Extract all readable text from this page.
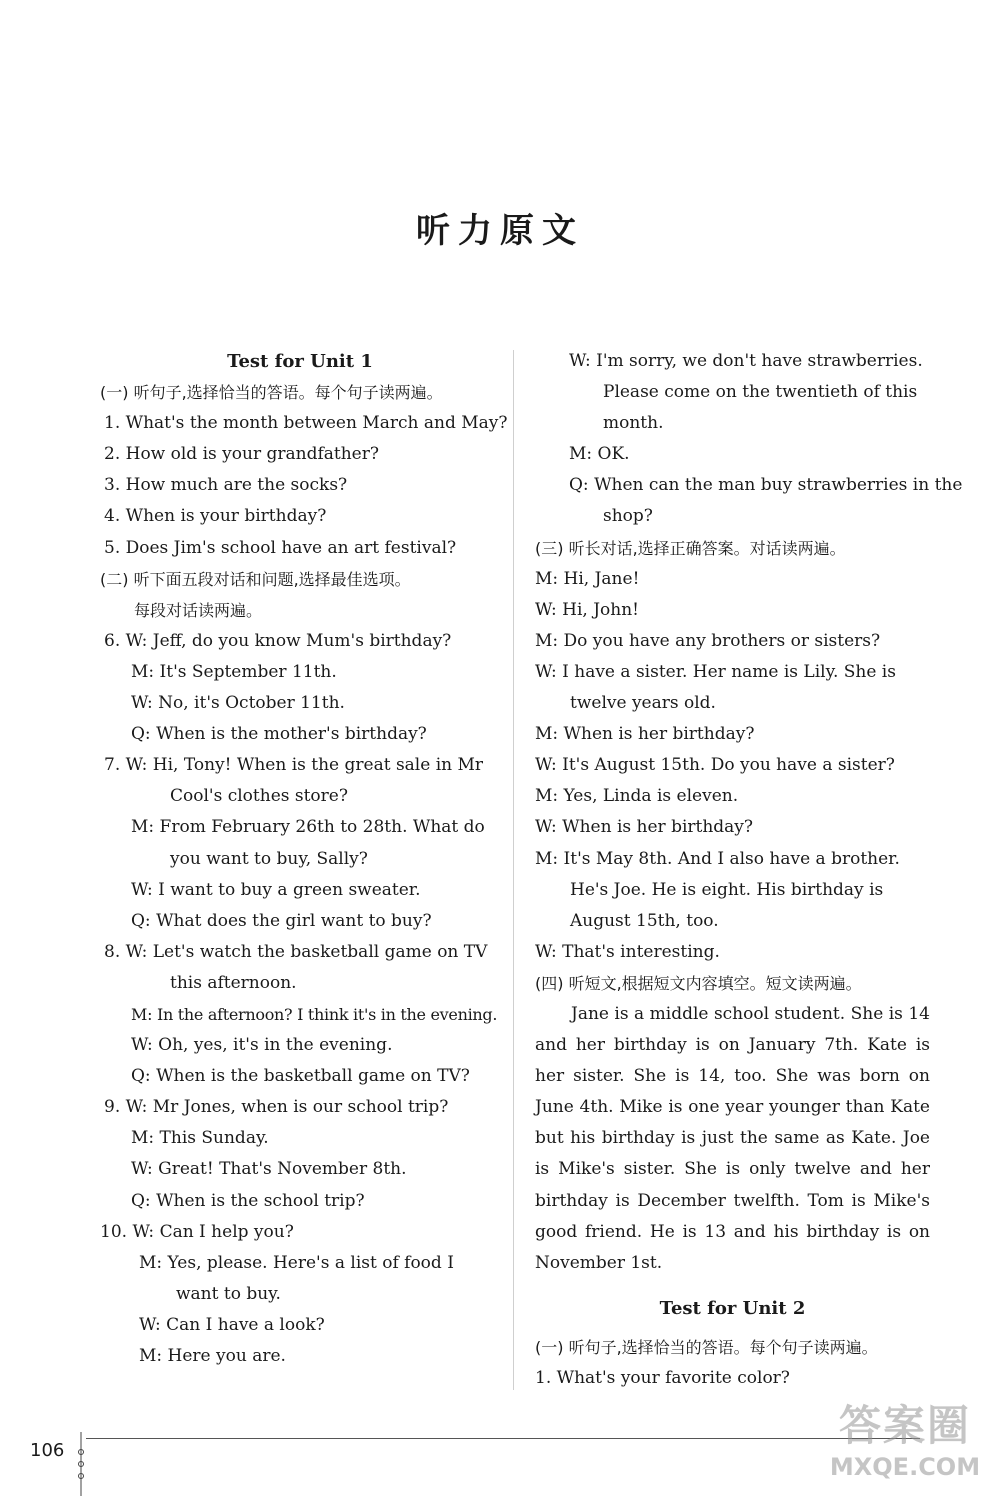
听力原文

Test for Unit 1

(一) 听句子,选择恰当的答语。每个句子读两遍。
1. What's the month between March and May?
2. How old is your grandfather?
3. How much are the socks?
4. When is your birthday?
5. Does Jim's school have an art festival?
(二) 听下面五段对话和问题,选择最佳选项。
每段对话读两遍。
6. W: Jeff, do you know Mum's birthday?
M: It's September 11th.
W: No, it's October 11th.
Q: When is the mother's birthday?
7. W: Hi, Tony! When is the great sale in Mr
Cool's clothes store?
M: From February 26th to 28th. What do
you want to buy, Sally?
W: I want to buy a green sweater.
Q: What does the girl want to buy?
8. W: Let's watch the basketball game on TV
this afternoon.
M: In the afternoon? I think it's in the evening.
W: Oh, yes, it's in the evening.
Q: When is the basketball game on TV?
9. W: Mr Jones, when is our school trip?
M: This Sunday.
W: Great! That's November 8th.
Q: When is the school trip?
10. W: Can I help you?
M: Yes, please. Here's a list of food I
want to buy.
W: Can I have a look?
M: Here you are.
W: I'm sorry, we don't have strawberries.
Please come on the twentieth of this
month.
M: OK.
Q: When can the man buy strawberries in the
shop?
(三) 听长对话,选择正确答案。对话读两遍。
M: Hi, Jane!
W: Hi, John!
M: Do you have any brothers or sisters?
W: I have a sister. Her name is Lily. She is
twelve years old.
M: When is her birthday?
W: It's August 15th. Do you have a sister?
M: Yes, Linda is eleven.
W: When is her birthday?
M: It's May 8th. And I also have a brother.
He's Joe. He is eight. His birthday is
August 15th, too.
W: That's interesting.
(四) 听短文,根据短文内容填空。短文读两遍。
Jane is a middle school student. She is 14 and her birthday is on January 7th. Kate is her sister. She is 14, too. She was born on June 4th. Mike is one year younger than Kate but his birthday is just the same as Kate. Joe is Mike's sister. She is only twelve and her birthday is December twelfth. Tom is Mike's good friend. He is 13 and his birthday is on November 1st.

Test for Unit 2

(一) 听句子,选择恰当的答语。每个句子读两遍。
1. What's your favorite color?
106
答案圈
MXQE.COM
